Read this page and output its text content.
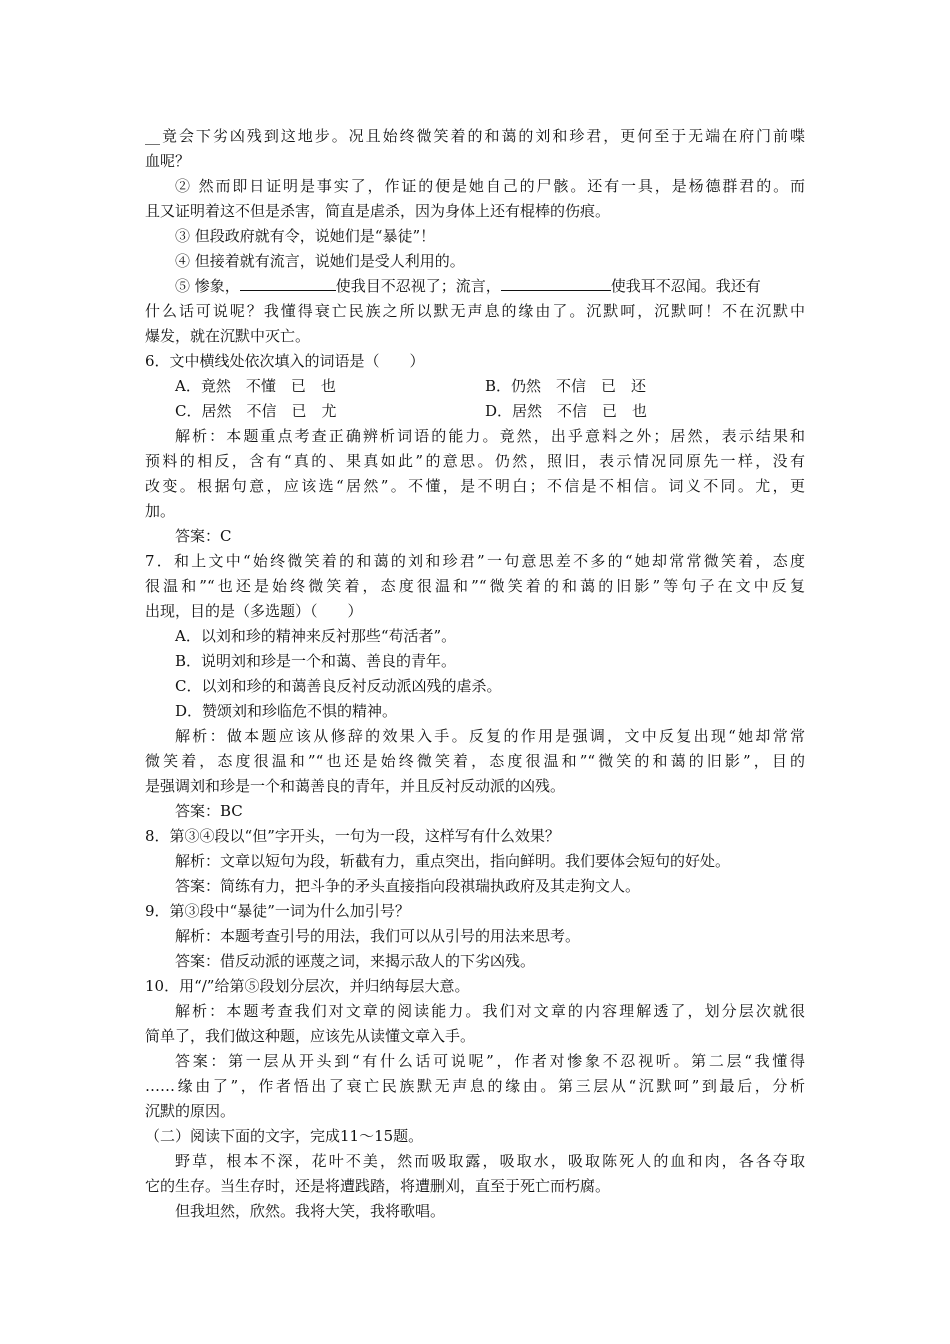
__竟会下劣凶残到这地步。况且始终微笑着的和蔼的刘和珍君，更何至于无端在府门前喋
血呢？
② 然而即日证明是事实了，作证的便是她自己的尸骸。还有一具，是杨德群君的。而
且又证明着这不但是杀害，简直是虐杀，因为身体上还有棍棒的伤痕。
③ 但段政府就有令，说她们是“暴徒”！
④ 但接着就有流言，说她们是受人利用的。
⑤ 惨象，	使我目不忍视了；流言，	使我耳不忍闻。我还有
什么话可说呢？我懂得衰亡民族之所以默无声息的缘由了。沉默呵，沉默呵！不在沉默中
爆发，就在沉默中灭亡。
6．文中横线处依次填入的词语是（　　）
A．竟然　不懂　已　也	B．仍然　不信　已　还
C．居然　不信　已　尤	D．居然　不信　已　也
解析：本题重点考查正确辨析词语的能力。竟然，出乎意料之外；居然，表示结果和
预料的相反，含有“真的、果真如此”的意思。仍然，照旧，表示情况同原先一样，没有
改变。根据句意，应该选“居然”。不懂，是不明白；不信是不相信。词义不同。尤，更
加。
答案：C
7．和上文中“始终微笑着的和蔼的刘和珍君”一句意思差不多的“她却常常微笑着，态度
很温和”“也还是始终微笑着，态度很温和”“微笑着的和蔼的旧影”等句子在文中反复
出现，目的是（多选题）（　　）
A．以刘和珍的精神来反衬那些“苟活者”。
B．说明刘和珍是一个和蔼、善良的青年。
C．以刘和珍的和蔼善良反衬反动派凶残的虐杀。
D．赞颂刘和珍临危不惧的精神。
解析：做本题应该从修辞的效果入手。反复的作用是强调，文中反复出现“她却常常
微笑着，态度很温和”“也还是始终微笑着，态度很温和”“微笑的和蔼的旧影”，目的
是强调刘和珍是一个和蔼善良的青年，并且反衬反动派的凶残。
答案：BC
8．第③④段以“但”字开头，一句为一段，这样写有什么效果？
解析：文章以短句为段，斩截有力，重点突出，指向鲜明。我们要体会短句的好处。
答案：简练有力，把斗争的矛头直接指向段祺瑞执政府及其走狗文人。
9．第③段中“暴徒”一词为什么加引号？
解析：本题考查引号的用法，我们可以从引号的用法来思考。
答案：借反动派的诬蔑之词，来揭示敌人的下劣凶残。
10．用“/”给第⑤段划分层次，并归纳每层大意。
解析：本题考查我们对文章的阅读能力。我们对文章的内容理解透了，划分层次就很
简单了，我们做这种题，应该先从读懂文章入手。
答案：第一层从开头到“有什么话可说呢”，作者对惨象不忍视听。第二层“我懂得
……缘由了”，作者悟出了衰亡民族默无声息的缘由。第三层从“沉默呵”到最后，分析
沉默的原因。
（二）阅读下面的文字，完成11～15题。
野草，根本不深，花叶不美，然而吸取露，吸取水，吸取陈死人的血和肉，各各夺取
它的生存。当生存时，还是将遭践踏，将遭删刈，直至于死亡而朽腐。
但我坦然，欣然。我将大笑，我将歌唱。
